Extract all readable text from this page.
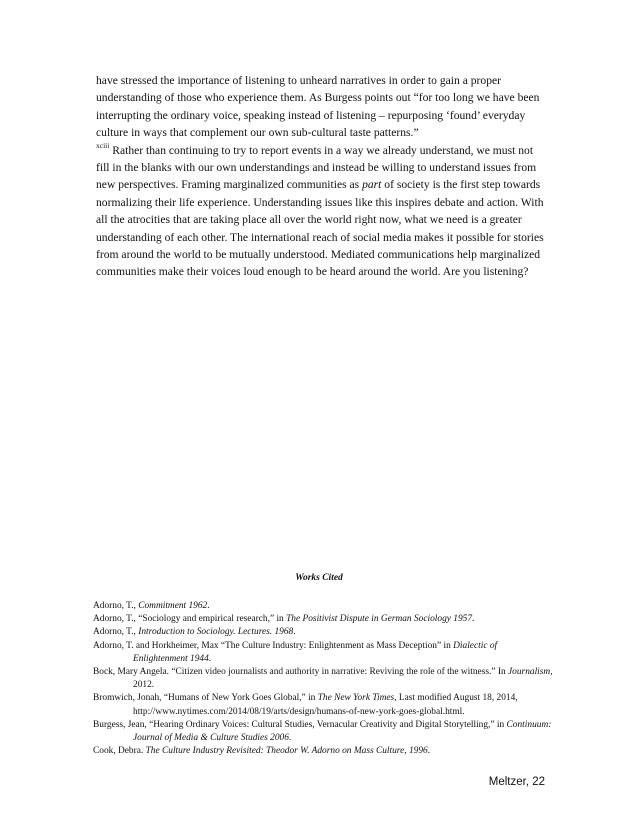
have stressed the importance of listening to unheard narratives in order to gain a proper understanding of those who experience them. As Burgess points out “for too long we have been interrupting the ordinary voice, speaking instead of listening – repurposing ‘found’ everyday culture in ways that complement our own sub-cultural taste patterns.”
$^{xciii}$ Rather than continuing to try to report events in a way we already understand, we must not fill in the blanks with our own understandings and instead be willing to understand issues from new perspectives. Framing marginalized communities as part of society is the first step towards normalizing their life experience. Understanding issues like this inspires debate and action. With all the atrocities that are taking place all over the world right now, what we need is a greater understanding of each other. The international reach of social media makes it possible for stories from around the world to be mutually understood. Mediated communications help marginalized communities make their voices loud enough to be heard around the world. Are you listening?
Works Cited

Adorno, T., Commitment 1962.

Adorno, T., “Sociology and empirical research,” in The Positivist Dispute in German Sociology 1957.

Adorno, T., Introduction to Sociology. Lectures. 1968.

Adorno, T. and Horkheimer, Max “The Culture Industry: Enlightenment as Mass Deception” in Dialectic of Enlightenment 1944.

Bock, Mary Angela. “Citizen video journalists and authority in narrative: Reviving the role of the witness.” In Journalism, 2012.

Bromwich, Jonah, “Humans of New York Goes Global,” in The New York Times, Last modified August 18, 2014, http://www.nytimes.com/2014/08/19/arts/design/humans-of-new-york-goes-global.html.

Burgess, Jean, “Hearing Ordinary Voices: Cultural Studies, Vernacular Creativity and Digital Storytelling,” in Continuum: Journal of Media & Culture Studies 2006.

Cook, Debra. The Culture Industry Revisited: Theodor W. Adorno on Mass Culture, 1996.

Meltzer, 22
